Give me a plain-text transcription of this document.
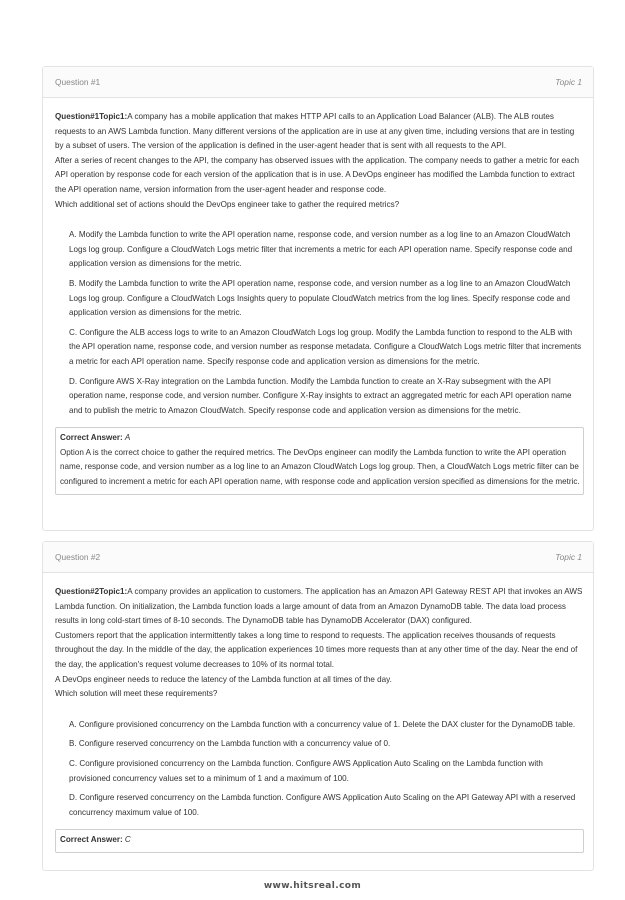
Question #1	Topic 1

Question#1Topic1:A company has a mobile application that makes HTTP API calls to an Application Load Balancer (ALB). The ALB routes requests to an AWS Lambda function. Many different versions of the application are in use at any given time, including versions that are in testing by a subset of users. The version of the application is defined in the user-agent header that is sent with all requests to the API.

After a series of recent changes to the API, the company has observed issues with the application. The company needs to gather a metric for each API operation by response code for each version of the application that is in use. A DevOps engineer has modified the Lambda function to extract the API operation name, version information from the user-agent header and response code.

Which additional set of actions should the DevOps engineer take to gather the required metrics?

A. Modify the Lambda function to write the API operation name, response code, and version number as a log line to an Amazon CloudWatch Logs log group. Configure a CloudWatch Logs metric filter that increments a metric for each API operation name. Specify response code and application version as dimensions for the metric.
B. Modify the Lambda function to write the API operation name, response code, and version number as a log line to an Amazon CloudWatch Logs log group. Configure a CloudWatch Logs Insights query to populate CloudWatch metrics from the log lines. Specify response code and application version as dimensions for the metric.
C. Configure the ALB access logs to write to an Amazon CloudWatch Logs log group. Modify the Lambda function to respond to the ALB with the API operation name, response code, and version number as response metadata. Configure a CloudWatch Logs metric filter that increments a metric for each API operation name. Specify response code and application version as dimensions for the metric.
D. Configure AWS X-Ray integration on the Lambda function. Modify the Lambda function to create an X-Ray subsegment with the API operation name, response code, and version number. Configure X-Ray insights to extract an aggregated metric for each API operation name and to publish the metric to Amazon CloudWatch. Specify response code and application version as dimensions for the metric.
Correct Answer: A
Option A is the correct choice to gather the required metrics. The DevOps engineer can modify the Lambda function to write the API operation name, response code, and version number as a log line to an Amazon CloudWatch Logs log group. Then, a CloudWatch Logs metric filter can be configured to increment a metric for each API operation name, with response code and application version specified as dimensions for the metric.
Question #2	Topic 1

Question#2Topic1:A company provides an application to customers. The application has an Amazon API Gateway REST API that invokes an AWS Lambda function. On initialization, the Lambda function loads a large amount of data from an Amazon DynamoDB table. The data load process results in long cold-start times of 8-10 seconds. The DynamoDB table has DynamoDB Accelerator (DAX) configured.

Customers report that the application intermittently takes a long time to respond to requests. The application receives thousands of requests throughout the day. In the middle of the day, the application experiences 10 times more requests than at any other time of the day. Near the end of the day, the application's request volume decreases to 10% of its normal total.

A DevOps engineer needs to reduce the latency of the Lambda function at all times of the day.

Which solution will meet these requirements?

A. Configure provisioned concurrency on the Lambda function with a concurrency value of 1. Delete the DAX cluster for the DynamoDB table.
B. Configure reserved concurrency on the Lambda function with a concurrency value of 0.
C. Configure provisioned concurrency on the Lambda function. Configure AWS Application Auto Scaling on the Lambda function with provisioned concurrency values set to a minimum of 1 and a maximum of 100.
D. Configure reserved concurrency on the Lambda function. Configure AWS Application Auto Scaling on the API Gateway API with a reserved concurrency maximum value of 100.
Correct Answer: C
www.hitsreal.com
